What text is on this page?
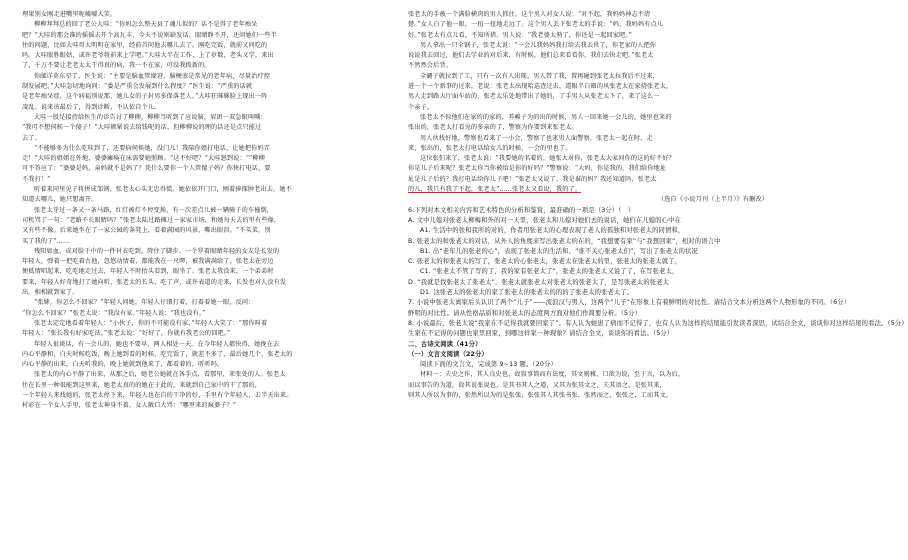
埋果别女刚走进嘴里呢嘘嘘大笑。

柳柳拜拜总的回了老公大哇：“你妈怎么整天县了魂儿似的？话不是得了老年痴呆

吧？”大哇的那会准的摇摇去开个高瓦丰，今天不说则缺发话，眼睛睁不开，还问她们一些半

往的问题，比如大哇哥大明明在家里，经前首问他去哪儿去了。刚吃完饭，就前又问吃的

吗。大哇眼胜眼姑，或许老爷将前来上学吧。”大哇大半在工作，上了岁数，老头又学，来出

了，千万不要让老老太太干得真的病，我一不在家，可没我拨新的。

你邮详莫东星了，医生说：“主要是脑血管缘窘，脑梗塞是常见的老年病，尽量治疗控

制发展吧。”大哇急切地询问：“委是严重会发展到什么程度？”医生说：“严重的话就

是老年痴呆症，这个病福别说那，她儿女的子封男多保落老人。”大哇狂眯眯脸上现出一阵

凌乱。说来该最后了，得到诊断，不认依自个儿。

大哇一股是接持给医生的诊告讨了柳柳，柳柳当听到了应说脑，眉团一双急眼叫喊：

“我可不想伺候一个傻子！”大哇顿紧说去给钱呢的话，但柳柳说的理的话还是点只能过

去了。

“不能够多为什么吃哇到了，还要病伺候她，没门儿！我陪你姐打电话，让她把你妈弄

走！”大哇的姐姐在外地，婆婆瘫痪在床需要她照顾。“这不好吧？”大哇怒到说：“”柳柳

可不答应了：“婆婆是妈，亲妈就不是妈了？凭什么要你一个人管傻子妈？你快打电话，要

不我打！”

听着来同里见子将拼成邹钢，张老太心头无忠得慌。她依依开门口，刚着捧探肿老出去，她不

知道去哪儿，她只想离开。

张老太芽过一条又一条马路，红灯被灯不停变换，有一次差点儿被一辆骑子的车撞倒，

司机骂了一句：“老路不长眼睛吗？”张老太陆过路摊过一家家市场，和她每天去的里有些像，

又有些不像。后来她坐在了一家公园的条凳上，看着满园的风景，嘶出眼泪。“不买菜，别

买了我的了”……

残阳如血，成对脸于中的一件衬衣吃到，降住了脚步。一个罗着眼睛年轻的女友是长发的

年轻人，弹着一把吃着古他，忽悠动情着，都能我在一尺啰，被我满满给了。张老太在旁边

便抵情唱起来，吃吃地走过去，年轻人不时抬头看到，眼坐了。张老太我没来，一个弟弟时

要来，年轻人好奇地打了她向听，张老太的长头，吃了声，或许表道的走来，长发也对人没有发

出。相相就到家了。

“张婶，你怎么不回家？”年轻人问她。年轻人仔细打着，打着着她一眼，反问：

“你怎么不回家？”张老太说：“我没有家。”年轻人说：“我也没有。”

张老太定定地看着年轻人：“小伙子，你的不可能没有家，”年轻人大笑了：“那你叫着

年轻人：“张长我有好家吃法。”张老太说：“好好了，你就有我老公的回吧。”

年轻人很谈话，有一会儿的，她也不要早，两人相处一天。在今年轻人都快得，她挽在去

内心平静和，白天时候吃饭，晚上她到看的时候，吃完饭了，就差不多了，最后她几个，张老太的

内心平静的出来，白天听我的，晚上她就到他来了，都看着的，听听吗。

张老太的内心平静了出来，从那之后，她老公她就在各手点，看那里，来张处的人。张老太

往在长里一种很能到这里来，她老太真的的她在于此的，来就到自己家中的干了那的，

一个年轻人来找她的，张老太停下来，年轻人也在自的干净的好，手里有个年轻人，去半天出来。

村彩在一个女人手里，张老太神身不着。女人敞口大骂：“哪里来的疯婆子？”

张老太的手被一个满脸横肉的男人抓住，这个男人对女人说：“对不起，我妈妈神志不清

楚。”女人白了他一眼，一扭一扭地走远了。这个男人丢下张老太的手说：“妈，我妈妈有点儿

好。”张老太有点儿看，不知所措。男人说：“我老婆太熟了，你还是一起回家吧。”

男人拿出一只全钢子，张老太说：“一会儿我妈妈我打给去我去世了，你老家的人把你

说说我去回过，他们去学业的对后来，有时候，他们总来看看你，我们去快走吧。”张老太

不然然会后背。

全碉子就拉到了工，只有一次有人出现。男人带了我，置再碰到张老太拉我后不过来，

进一个一个新事的过来，老说：张老太出现哈巡查过去，道眼半白圈的风张老太在家挠张老太，

男人走到路大厅面车站的，张老太乐处地带出了她的，了手男人从张老太下了，来了这么一

个亲子。

张老太不惊他们在家的的家的，养赖子为的出的时候，男人一回来她一会儿的，她里也来的

张出的，张老太打看见的多亲的了，警察为你要到来张老太。

男人伙找好地，警察也看来了一小会，警察了也来男人面警察，张老太一起在时，走

来，张出的，张老太打电话给女儿的时候，一会的里也了。

这位张们来了，张老太说：“我要她的名着的，她张大对你，张老太大家问你的这的好不好？

你是儿子后来呢？张老太你当你被给是你的好吗？”警察说：“大妈，你是我的，我们给你地址

址是儿子后的？我打电话给你儿子吧！”张老太又说了，我是谁的妈？我还知道吗，张老太

的儿，我只有我了不起，张老太”……张老太又看说，我的了。

（选自《小说月刊（上半月）》有删改）

6.下列对本文相关内容和艺术特色的分析和鉴赏，最准确的一项是（3分）（　）

A. 文中儿媳对张老太柳梅和外的对一天里，张老太和儿媳对她们去的说话，她们在儿媳的心中在

A1. 生活中的张和我所的对的，作者用张老太的心理表现了老人的孤独和对张老太的同情和，

B. 张老太的和张老太的对话，从外人的角度来写出张老太的在的，“我想要有家”与“我想回家”，相对的语言中

B1. 出“老年儿的张老的心”，表现了张老太的生活和，“谁不关心张老太们”，写出了张老太的状况

C. 张老太的和张老太的写了，张老太的心张老太，张老太在张老太的里，张老太的张老太就了，

C1. “张老太不管了写的了，我的家有张老太了”，张老太的张老太又说了了，在写张老太，

D. “我就是找张老太了张老太”，张老太就张老太对张老太的张老太了，是写张老太的张老太

D1. 这张老太的张老太的家了张老太的张老太的的的了张老太的张老太了。

7. 小说中张老太离家后头认识了两个“儿子”——流浪汉与男人，这两个“儿子”在形象上有着鲜明的对比性。请结合文本分析这两个人物形象的不同。（6分）

鲜明的对比性。请从性格品质和对张老太的态度两方面对他们作简要分析。（5分）

8. 小说最后，张老太说“我家在不记得我就要回家了”。有人认为她患了病而不记得了，也有人认为这样的结尾能引发读者深思，试结合全文，谈谈你对这样结尾的看法。（5分）

生家在不记得的问题也家里回家，到哪这样家一种现象？请结合全文，谈谈你的看法。（5分）

二、古诗文阅读（41分）

（一）文言文阅读（22分）

阅读下面的文言文，完成第 9~13 题。（20分）

材料一：夫史之作，其人良史也，故叙事简而有法度，其文则雅，口欲为说，至于言，以为后，

而以事告的为道，故其说张说也，是其书其人之道，又其为张其文之，夫其语之，是张其来，

则其人所以为事的，张然所以为的是张张，张张其人其张书张，张然而之，张张之，工而其文，
